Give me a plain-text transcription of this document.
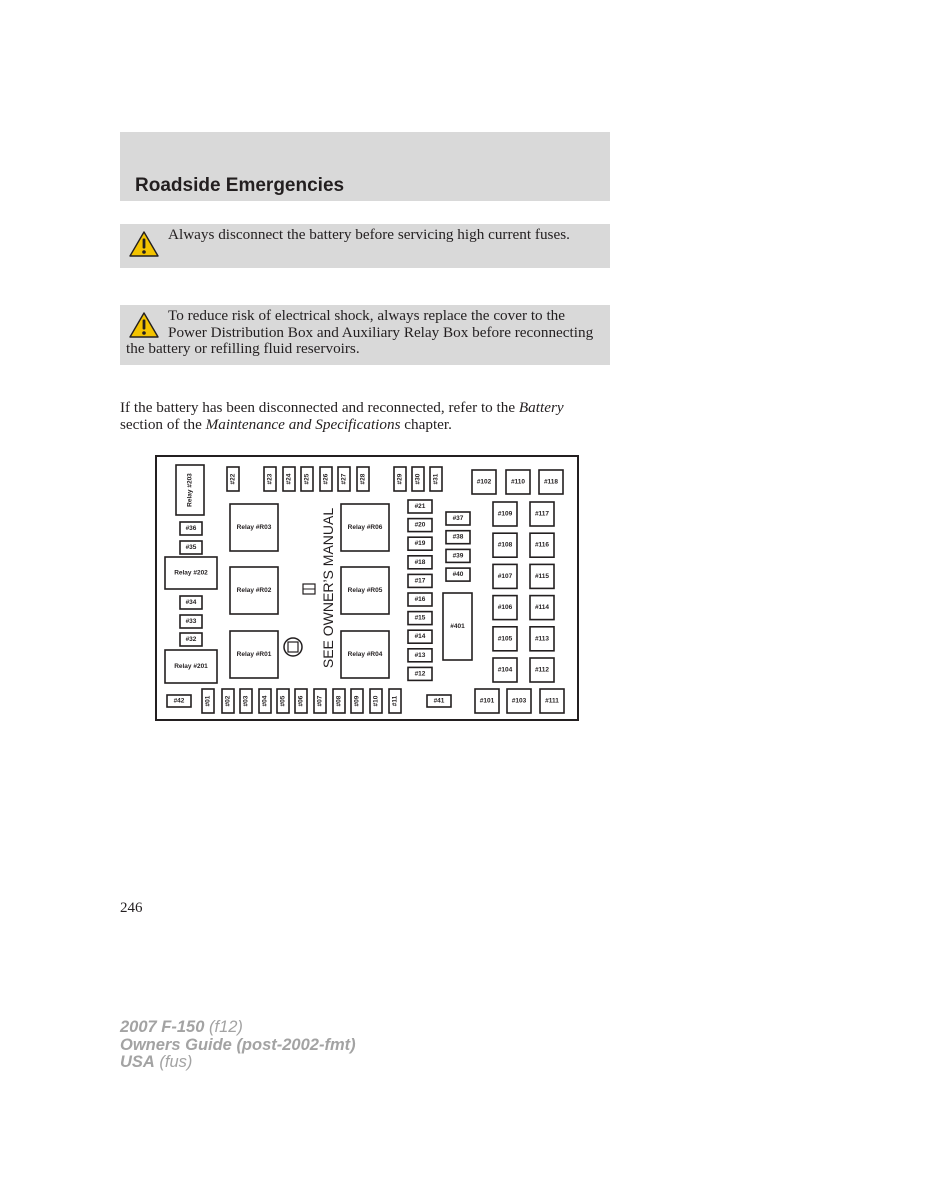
Roadside Emergencies

Always disconnect the battery before servicing high current fuses.

To reduce risk of electrical shock, always replace the cover to the Power Distribution Box and Auxiliary Relay Box before reconnecting the battery or refilling fluid reservoirs.

If the battery has been disconnected and reconnected, refer to the Battery section of the Maintenance and Specifications chapter.

#22	#23 #24 #25 #26 #27 #28	#29 #30 #31
#42	#01 #02 #03 #04 #05 #06 #07 #08 #09 #10 #11
#36
#35
#34
#33
#32
Relay #203
Relay #202
Relay #201
Relay #R03
Relay #R02
Relay #R01
Relay #R06
Relay #R05
Relay #R04
SEE OWNER’S MANUAL
#21
#20
#19
#18
#17
#16
#15
#14
#13
#12
#37
#38
#39
#40
#401
#41
#102	#110	#118
#109
#108
#107
#106
#105
#104
#117
#116
#115
#114
#113
#112
#101	#103	#111

246

2007 F-150 (f12)
Owners Guide (post-2002-fmt)
USA (fus)
